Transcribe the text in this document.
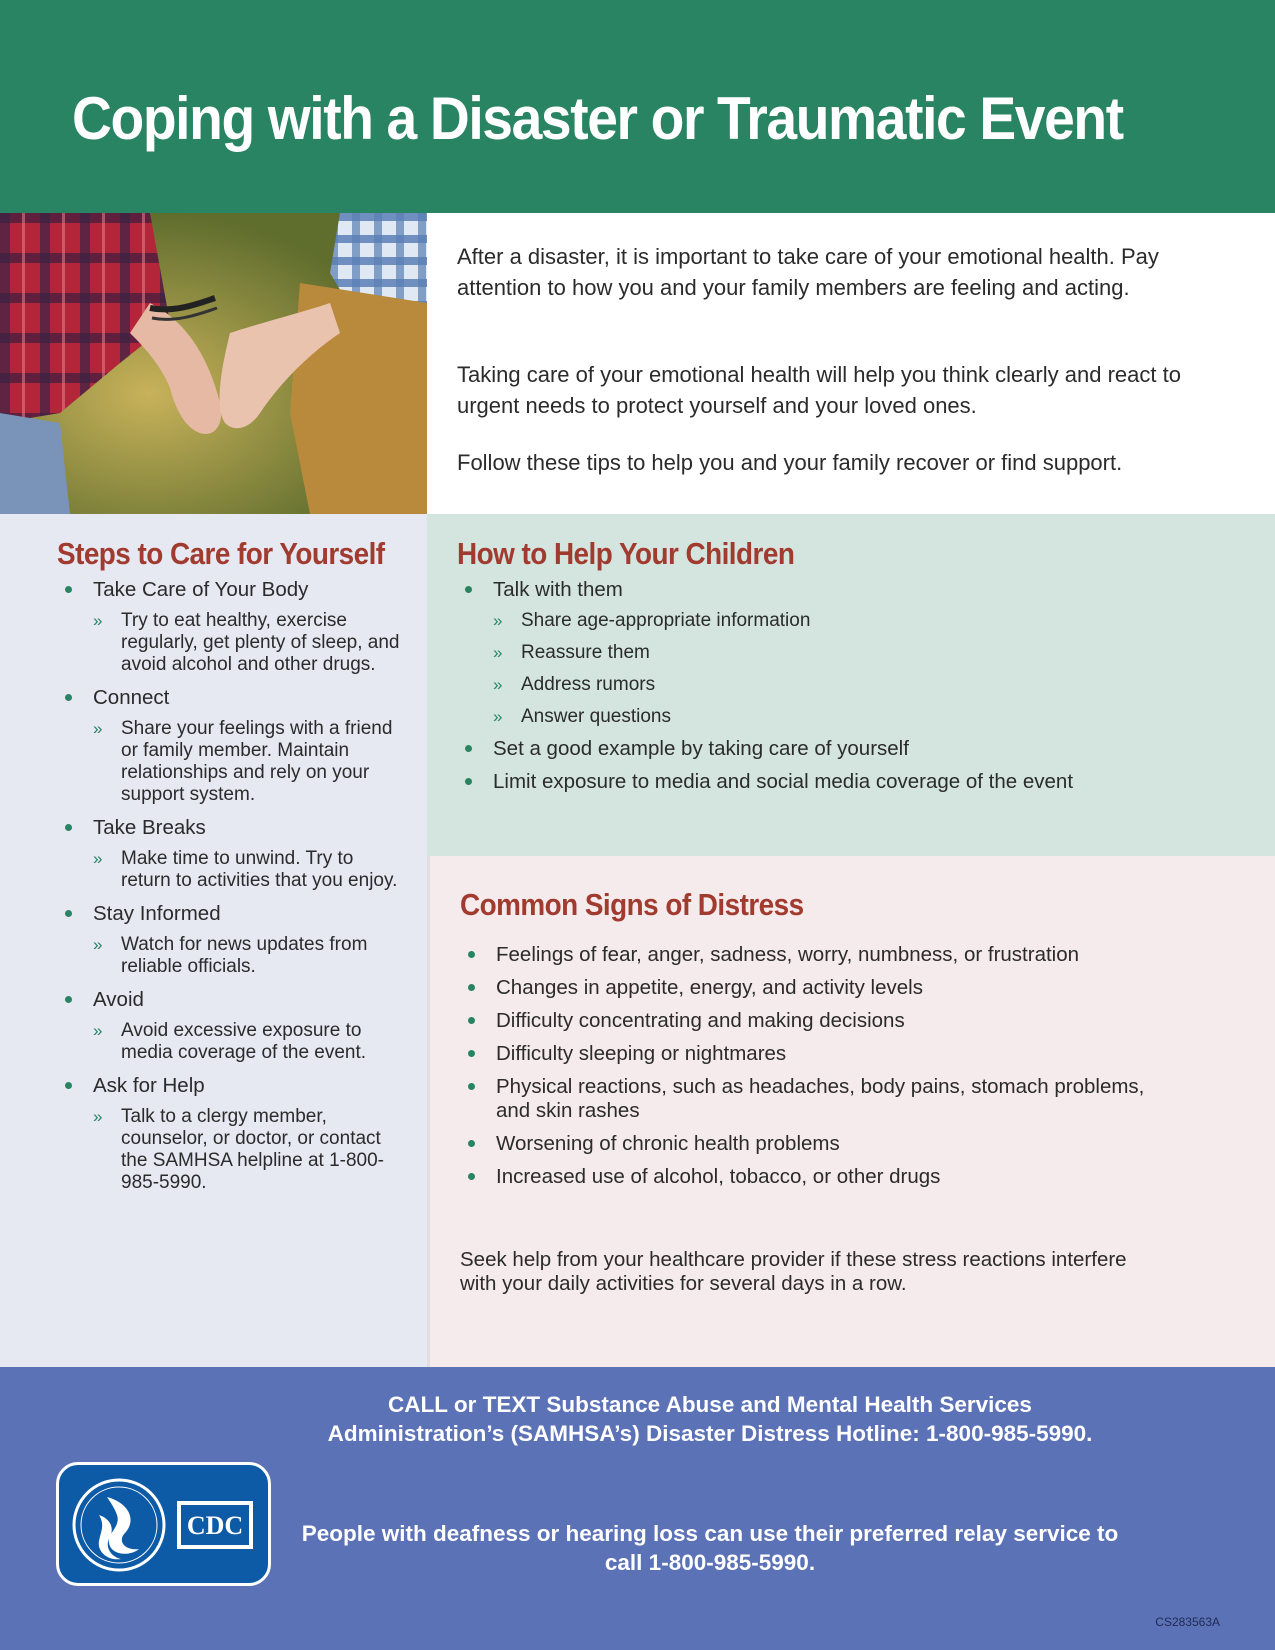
Coping with a Disaster or Traumatic Event

After a disaster, it is important to take care of your emotional health. Pay attention to how you and your family members are feeling and acting.

Taking care of your emotional health will help you think clearly and react to urgent needs to protect yourself and your loved ones.

Follow these tips to help you and your family recover or find support.

Steps to Care for Yourself
Take Care of Your Body
» Try to eat healthy, exercise regularly, get plenty of sleep, and avoid alcohol and other drugs.
Connect
» Share your feelings with a friend or family member. Maintain relationships and rely on your support system.
Take Breaks
» Make time to unwind. Try to return to activities that you enjoy.
Stay Informed
» Watch for news updates from reliable officials.
Avoid
» Avoid excessive exposure to media coverage of the event.
Ask for Help
» Talk to a clergy member, counselor, or doctor, or contact the SAMHSA helpline at 1-800-985-5990.
How to Help Your Children
Talk with them
» Share age-appropriate information
» Reassure them
» Address rumors
» Answer questions
Set a good example by taking care of yourself
Limit exposure to media and social media coverage of the event
Common Signs of Distress
Feelings of fear, anger, sadness, worry, numbness, or frustration
Changes in appetite, energy, and activity levels
Difficulty concentrating and making decisions
Difficulty sleeping or nightmares
Physical reactions, such as headaches, body pains, stomach problems, and skin rashes
Worsening of chronic health problems
Increased use of alcohol, tobacco, or other drugs

Seek help from your healthcare provider if these stress reactions interfere with your daily activities for several days in a row.

CALL or TEXT Substance Abuse and Mental Health Services Administration’s (SAMHSA’s) Disaster Distress Hotline: 1-800-985-5990.
People with deafness or hearing loss can use their preferred relay service to call 1-800-985-5990.
CDC
CS283563A
